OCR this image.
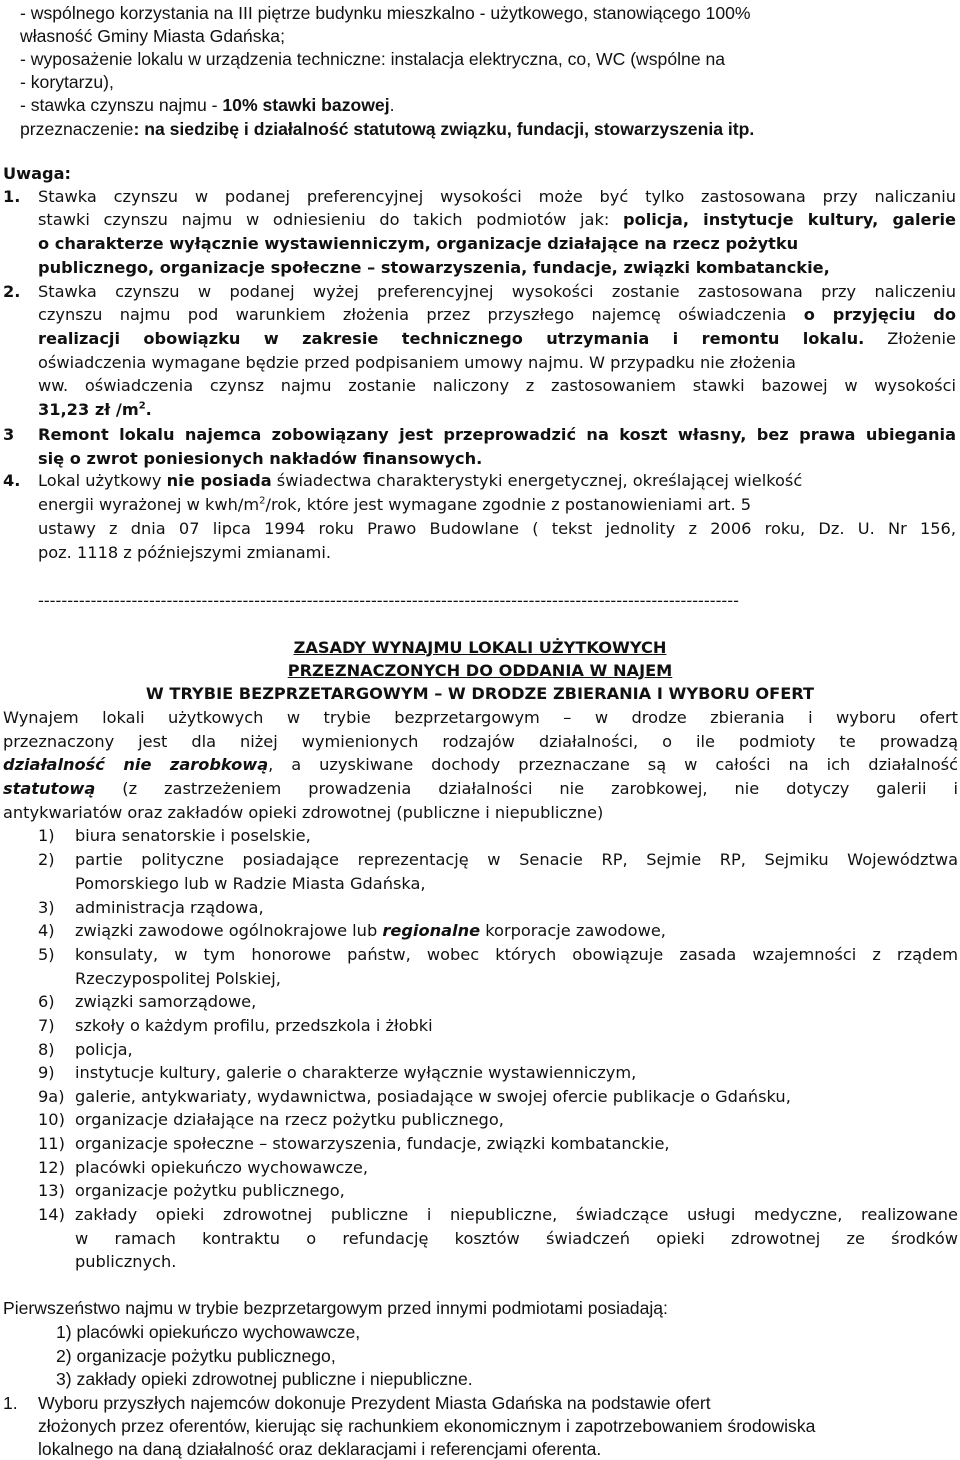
- wspólnego korzystania na III piętrze budynku mieszkalno - użytkowego, stanowiącego 100%
własność Gminy Miasta Gdańska;
- wyposażenie lokalu w urządzenia techniczne: instalacja elektryczna, co, WC (wspólne na
- korytarzu),
- stawka czynszu najmu - 10% stawki bazowej.
przeznaczenie: na siedzibę i działalność statutową związku, fundacji, stowarzyszenia itp.
Uwaga:
1. Stawka czynszu w podanej preferencyjnej wysokości może być tylko zastosowana przy naliczaniu
stawki czynszu najmu w odniesieniu do takich podmiotów jak: policja, instytucje kultury, galerie
o charakterze wyłącznie wystawienniczym, organizacje działające na rzecz pożytku
publicznego, organizacje społeczne – stowarzyszenia, fundacje, związki kombatanckie,
2. Stawka czynszu w podanej wyżej preferencyjnej wysokości zostanie zastosowana przy naliczeniu
czynszu najmu pod warunkiem złożenia przez przyszłego najemcę oświadczenia o przyjęciu do
realizacji obowiązku w zakresie technicznego utrzymania i remontu lokalu. Złożenie
oświadczenia wymagane będzie przed podpisaniem umowy najmu. W przypadku nie złożenia
ww. oświadczenia czynsz najmu zostanie naliczony z zastosowaniem stawki bazowej w wysokości
31,23 zł $/m^2$.
3 Remont lokalu najemca zobowiązany jest przeprowadzić na koszt własny, bez prawa ubiegania
się o zwrot poniesionych nakładów finansowych.
4. Lokal użytkowy nie posiada świadectwa charakterystyki energetycznej, określającej wielkość
energii wyrażonej w kwh/$m^2$/rok, które jest wymagane zgodnie z postanowieniami art. 5
ustawy z dnia 07 lipca 1994 roku Prawo Budowlane ( tekst jednolity z 2006 roku, Dz. U. Nr 156,
poz. 1118 z późniejszymi zmianami.
------------------------------------------------------------------------------------------------------------------------
ZASADY WYNAJMU LOKALI UŻYTKOWYCH
PRZEZNACZONYCH DO ODDANIA W NAJEM
W TRYBIE BEZPRZETARGOWYM – W DRODZE ZBIERANIA I WYBORU OFERT
Wynajem lokali użytkowych w trybie bezprzetargowym – w drodze zbierania i wyboru ofert
przeznaczony jest dla niżej wymienionych rodzajów działalności, o ile podmioty te prowadzą
działalność nie zarobkową, a uzyskiwane dochody przeznaczane są w całości na ich działalność
statutową (z zastrzeżeniem prowadzenia działalności nie zarobkowej, nie dotyczy galerii i
antykwariatów oraz zakładów opieki zdrowotnej (publiczne i niepubliczne)
1) biura senatorskie i poselskie,
2) partie polityczne posiadające reprezentację w Senacie RP, Sejmie RP, Sejmiku Województwa
Pomorskiego lub w Radzie Miasta Gdańska,
3) administracja rządowa,
4) związki zawodowe ogólnokrajowe lub regionalne korporacje zawodowe,
5) konsulaty, w tym honorowe państw, wobec których obowiązuje zasada wzajemności z rządem
Rzeczypospolitej Polskiej,
6) związki samorządowe,
7) szkoły o każdym profilu, przedszkola i żłobki
8) policja,
9) instytucje kultury, galerie o charakterze wyłącznie wystawienniczym,
9a) galerie, antykwariaty, wydawnictwa, posiadające w swojej ofercie publikacje o Gdańsku,
10) organizacje działające na rzecz pożytku publicznego,
11) organizacje społeczne – stowarzyszenia, fundacje, związki kombatanckie,
12) placówki opiekuńczo wychowawcze,
13) organizacje pożytku publicznego,
14) zakłady opieki zdrowotnej publiczne i niepubliczne, świadczące usługi medyczne, realizowane
w ramach kontraktu o refundację kosztów świadczeń opieki zdrowotnej ze środków
publicznych.
Pierwszeństwo najmu w trybie bezprzetargowym przed innymi podmiotami posiadają:
1) placówki opiekuńczo wychowawcze,
2) organizacje pożytku publicznego,
3) zakłady opieki zdrowotnej publiczne i niepubliczne.
1. Wyboru przyszłych najemców dokonuje Prezydent Miasta Gdańska na podstawie ofert
złożonych przez oferentów, kierując się rachunkiem ekonomicznym i zapotrzebowaniem środowiska
lokalnego na daną działalność oraz deklaracjami i referencjami oferenta.
